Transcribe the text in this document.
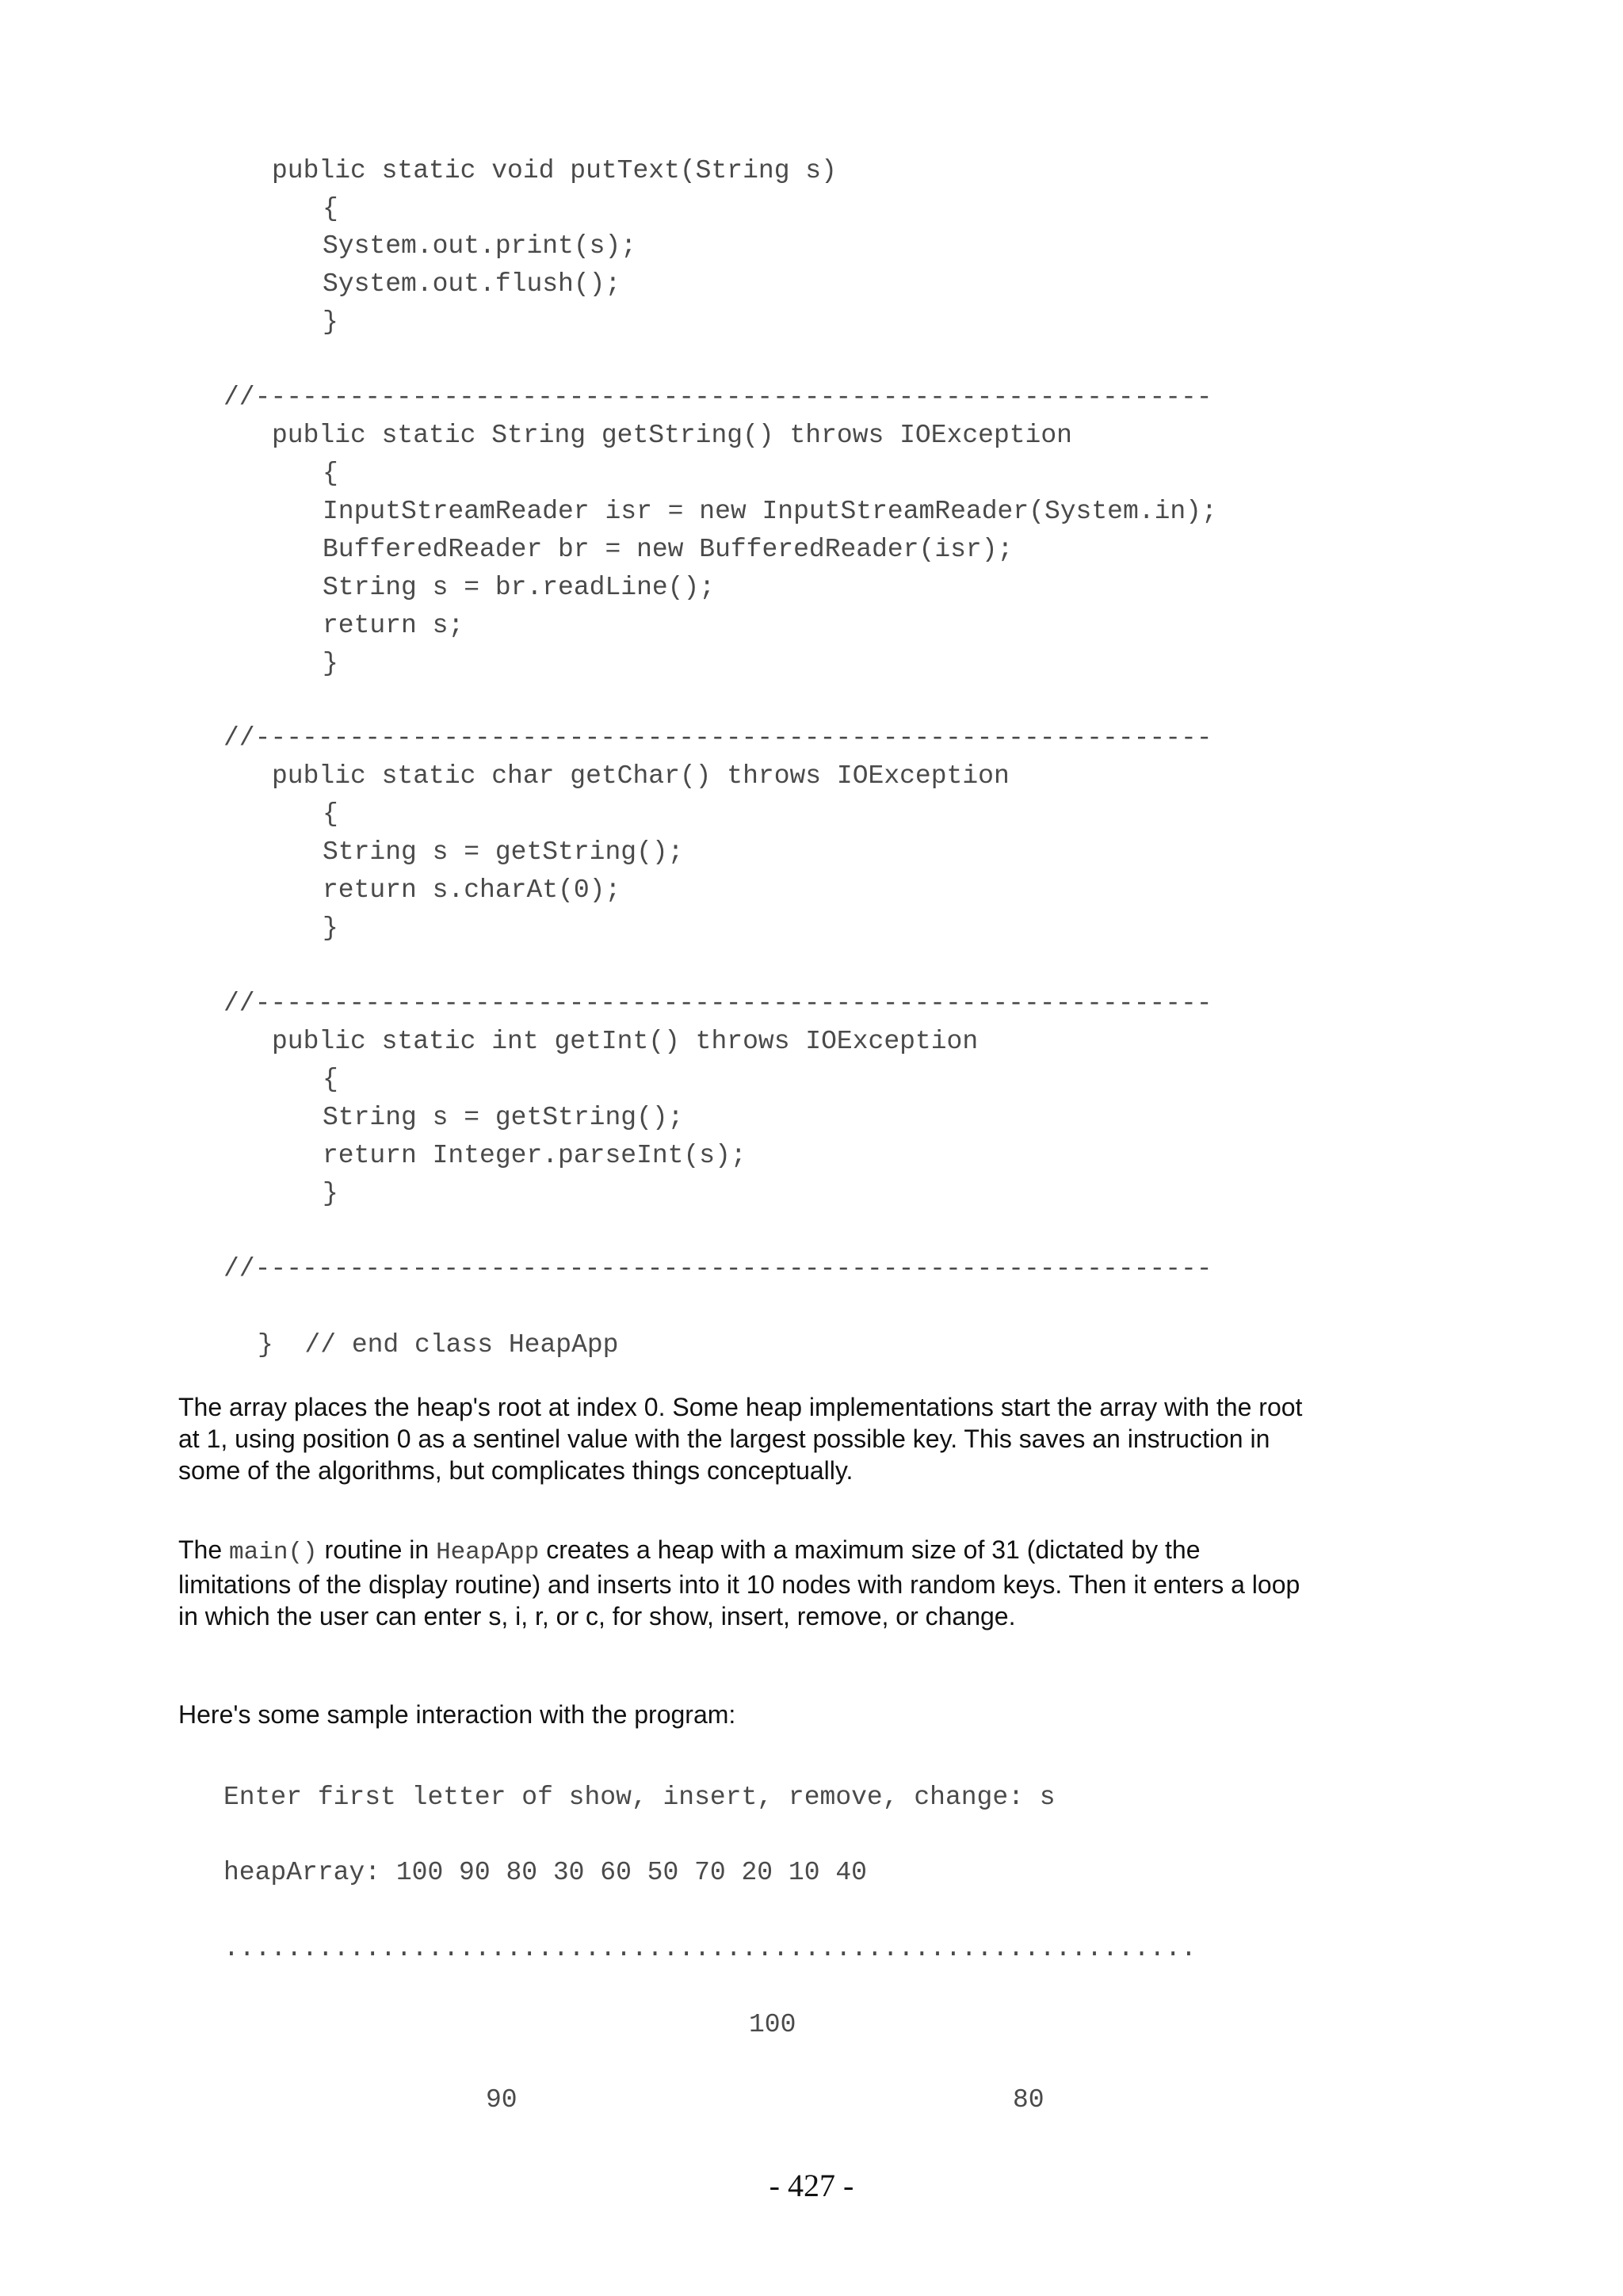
public static void putText(String s)
{
System.out.print(s);
System.out.flush();
}
//-------------------------------------------------------------
public static String getString() throws IOException
{
InputStreamReader isr = new InputStreamReader(System.in);
BufferedReader br = new BufferedReader(isr);
String s = br.readLine();
return s;
}
//-------------------------------------------------------------
public static char getChar() throws IOException
{
String s = getString();
return s.charAt(0);
}
//-------------------------------------------------------------
public static int getInt() throws IOException
{
String s = getString();
return Integer.parseInt(s);
}
//-------------------------------------------------------------
}  // end class HeapApp

The array places the heap's root at index 0. Some heap implementations start the array with the root at 1, using position 0 as a sentinel value with the largest possible key. This saves an instruction in some of the algorithms, but complicates things conceptually.

The main() routine in HeapApp creates a heap with a maximum size of 31 (dictated by the limitations of the display routine) and inserts into it 10 nodes with random keys. Then it enters a loop in which the user can enter s, i, r, or c, for show, insert, remove, or change.

Here's some sample interaction with the program:

Enter first letter of show, insert, remove, change: s
heapArray: 100 90 80 30 60 50 70 20 10 40
..............................................................
100
90	80
- 427 -
